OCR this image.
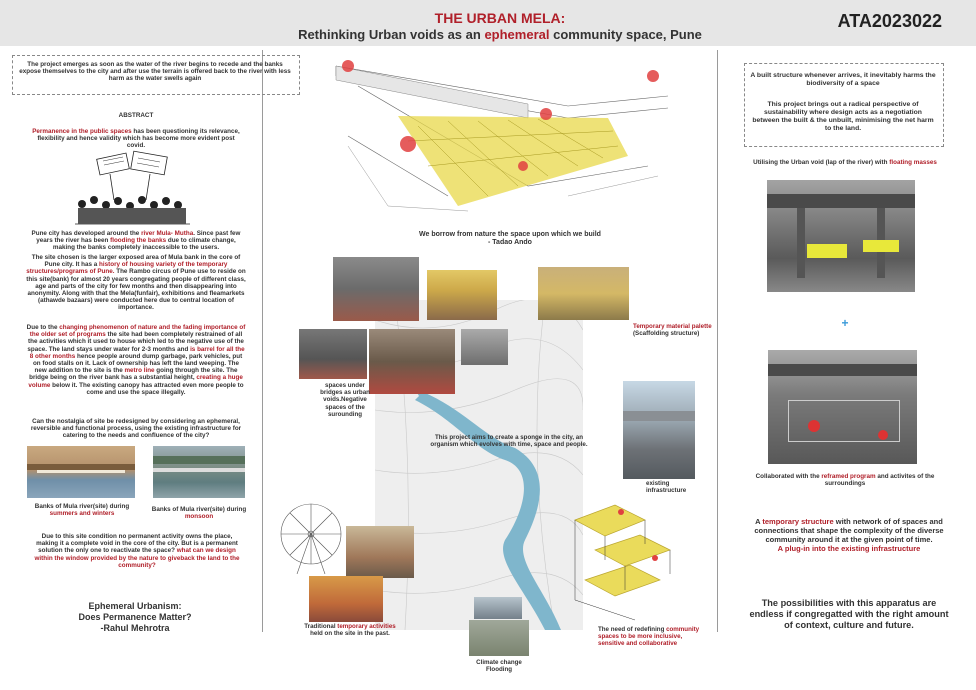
THE URBAN MELA:
Rethinking Urban voids as an ephemeral community space, Pune
ATA2023022
The project emerges as soon as the water of the river begins to recede and the banks expose themselves to the city and after use the terrain is offered back to the river with less harm as the water swells again
ABSTRACT
Permanence in the public spaces has been questioning its relevance, flexibility and hence validity which has become more evident post covid.
Pune city has developed around the river Mula- Mutha. Since past few years the river has been flooding the banks due to climate change, making the banks completely inaccessible to the users.
The site chosen is the larger exposed area of Mula bank in the core of Pune city. It has a history of housing variety of the temporary structures/programs of Pune. The Rambo circus of Pune use to reside on this site(bank) for almost 20 years congregating people of different class, age and parts of the city for few months and then disappearing into anonymity. Along with that the Mela(funfair), exhibitions and fleamarkets (athawde bazaars) were conducted here due to central location of importance.
Due to the changing phenomenon of nature and the fading importance of the older set of programs the site had been completely restrained of all the activities which it used to house which led to the negative use of the space. The land stays under water for 2-3 months and is barrel for all the 8 other months hence people around dump garbage, park vehicles, put on food stalls on it. Lack of ownership has left the land weeping. The new addition to the site is the metro line going through the site. The bridge being on the river bank has a substantial height, creating a huge volume below it. The existing canopy has attracted even more people to come and use the space illegally.
Can the nostalgia of site be redesigned by considering an ephemeral, reversible and functional process, using the existing infrastructure for catering to the needs and confluence of the city?
Banks of Mula river(site) during summers and winters
Banks of Mula river(site) during monsoon
Due to this site condition no permanent activity owns the place, making it a complete void in the core of the city. But is a permanent solution the only one to reactivate the space? what can we design within the window provided by the nature to giveback the land to the community?
Ephemeral Urbanism:
Does Permanence Matter?
-Rahul Mehrotra
We borrow from nature the space upon which we build
- Tadao Ando
Temporary material palette
(Scaffolding structure)
spaces under bridges as urban voids.Negative spaces of the surounding
This project aims to create a sponge in the city, an organism which evolves with time, space and people.
existing infrastructure
Traditional temporary activities held on the site in the past.
Climate change
Flooding
The need of redefining community spaces to be more inclusive, sensitive and collaborative
A built structure whenever arrives, it inevitably harms the biodiversity of a space
This project brings out a radical perspective of sustainability where design acts as a negotiation between the built & the unbuilt, minimising the net harm to the land.
Utilising the Urban void (lap of the river) with floating masses
+
Collaborated with the reframed program and activites of the surroundings
A temporary structure with network of of spaces and connections that shape the complexity of the diverse community around it at the given point of time.
A plug-in into the existing infrastructure
The possibilities with this apparatus are endless if congregatted with the right amount of context, culture and future.
